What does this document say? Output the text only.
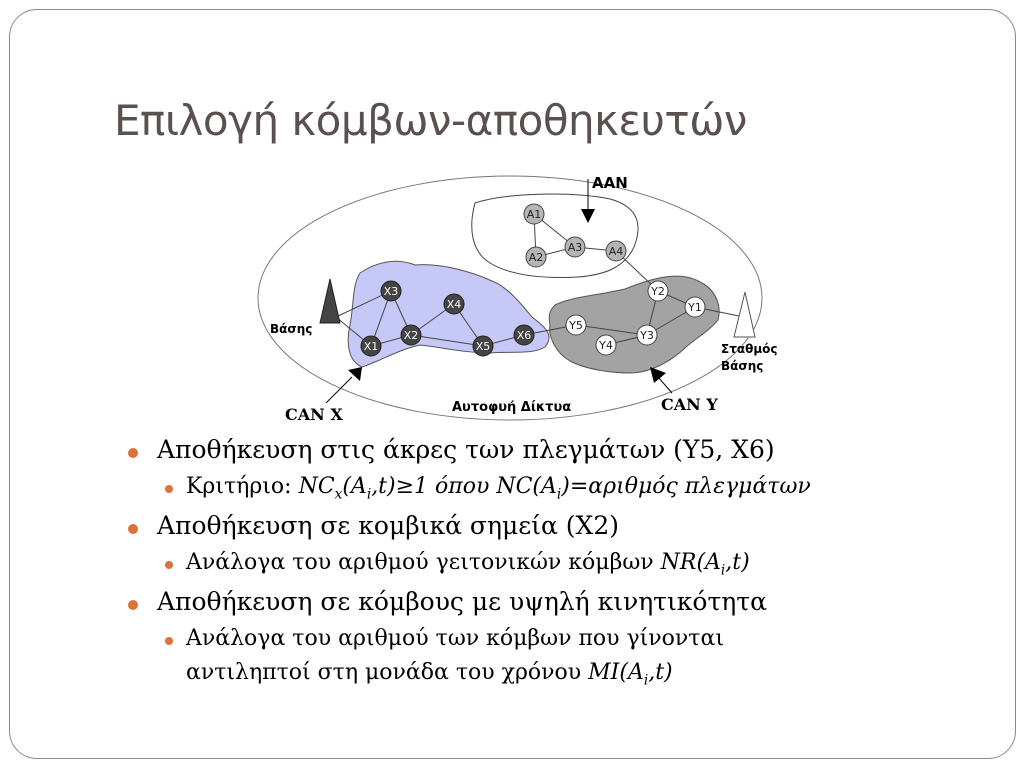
Επιλογή κόμβων-αποθηκευτών
A1
A2
A3 A4
Y2
Y1
Y5
Y3
Y4
X3
X4
X1
X2
X5
X6
AAN
Βάσης
Σταθμός
Βάσης
CAN X
CAN Y
Αυτοφυή Δίκτυα
Αποθήκευση στις άκρες των πλεγμάτων (Υ5, Χ6)
Κριτήριο: $NC_x(A_i,t)\ge 1$ όπου $NC(A_i)=\alpha\rho\iota\theta\mu ό\varsigma$ πλεγμάτων
Αποθήκευση σε κομβικά σημεία (Χ2)
Ανάλογα του αριθμού γειτονικών κόμβων $NR(A_i,t)$
Αποθήκευση σε κόμβους με υψηλή κινητικότητα
Ανάλογα του αριθμού των κόμβων που γίνονται
αντιληπτοί στη μονάδα του χρόνου $MI(A_i,t)$
